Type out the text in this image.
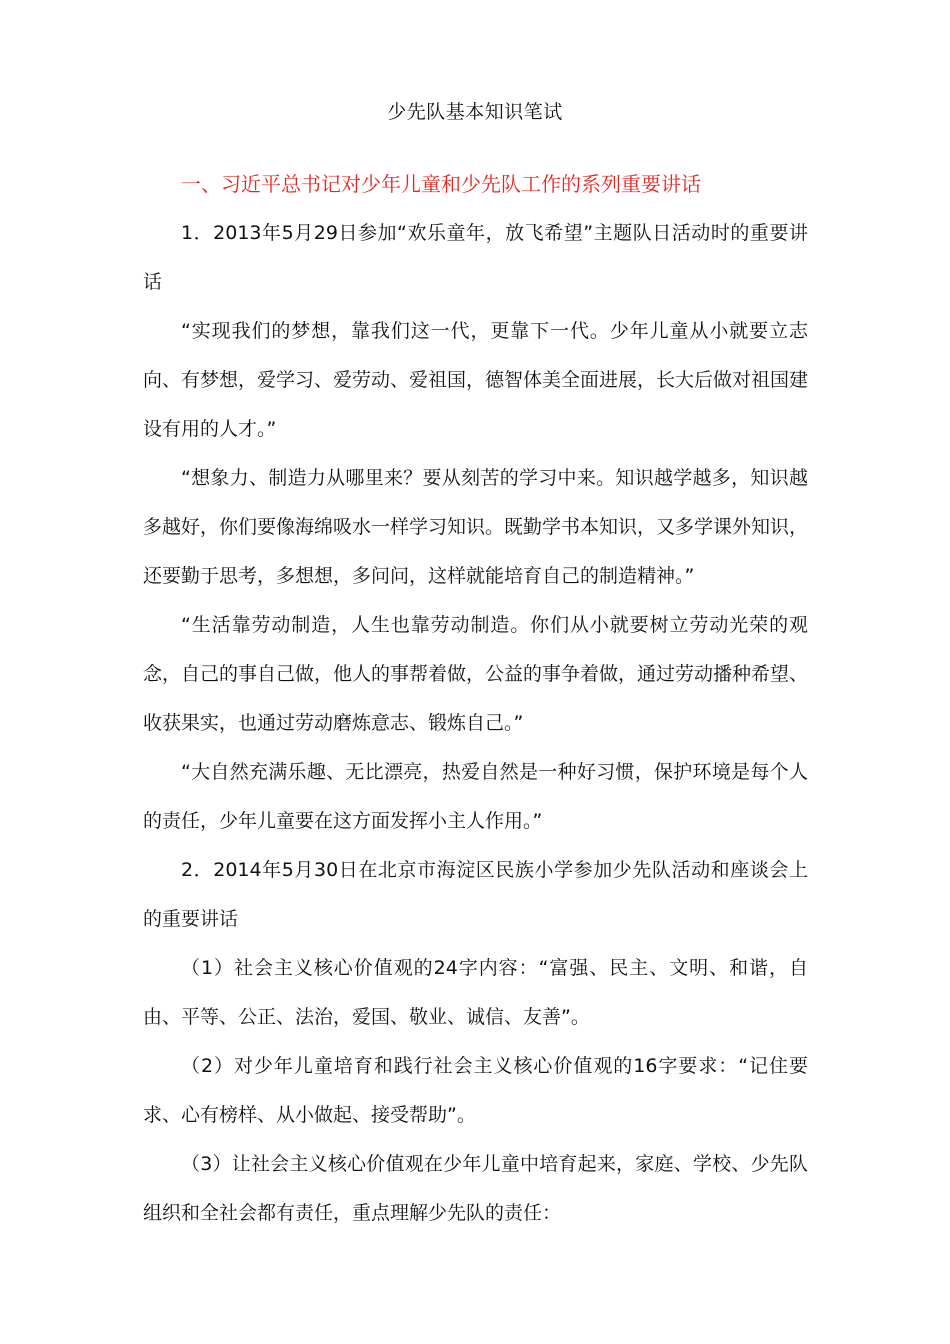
少先队基本知识笔试

一、习近平总书记对少年儿童和少先队工作的系列重要讲话

1．2013年5月29日参加“欢乐童年，放飞希望”主题队日活动时的重要讲话

“实现我们的梦想，靠我们这一代，更靠下一代。少年儿童从小就要立志向、有梦想，爱学习、爱劳动、爱祖国，德智体美全面进展，长大后做对祖国建设有用的人才。”

“想象力、制造力从哪里来？要从刻苦的学习中来。知识越学越多，知识越多越好，你们要像海绵吸水一样学习知识。既勤学书本知识，又多学课外知识，还要勤于思考，多想想，多问问，这样就能培育自己的制造精神。”

“生活靠劳动制造，人生也靠劳动制造。你们从小就要树立劳动光荣的观念，自己的事自己做，他人的事帮着做，公益的事争着做，通过劳动播种希望、收获果实，也通过劳动磨炼意志、锻炼自己。”

“大自然充满乐趣、无比漂亮，热爱自然是一种好习惯，保护环境是每个人的责任，少年儿童要在这方面发挥小主人作用。”

2．2014年5月30日在北京市海淀区民族小学参加少先队活动和座谈会上的重要讲话

（1）社会主义核心价值观的24字内容：“富强、民主、文明、和谐，自由、平等、公正、法治，爱国、敬业、诚信、友善”。

（2）对少年儿童培育和践行社会主义核心价值观的16字要求：“记住要求、心有榜样、从小做起、接受帮助”。

（3）让社会主义核心价值观在少年儿童中培育起来，家庭、学校、少先队组织和全社会都有责任，重点理解少先队的责任：
